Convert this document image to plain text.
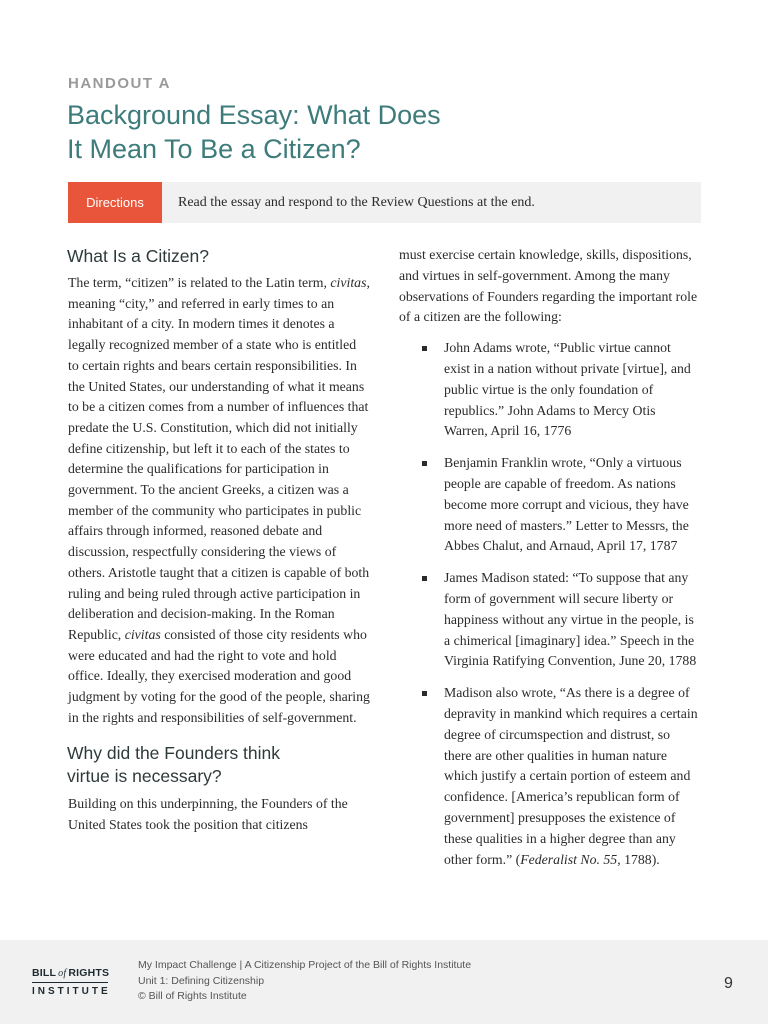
HANDOUT A
Background Essay: What Does
It Mean To Be a Citizen?
Directions	Read the essay and respond to the Review Questions at the end.
What Is a Citizen?

The term, “citizen” is related to the Latin term, civitas, meaning “city,” and referred in early times to an inhabitant of a city. In modern times it denotes a legally recognized member of a state who is entitled to certain rights and bears certain responsibilities. In the United States, our understanding of what it means to be a citizen comes from a number of influences that predate the U.S. Constitution, which did not initially define citizenship, but left it to each of the states to determine the qualifications for participation in government. To the ancient Greeks, a citizen was a member of the community who participates in public affairs through informed, reasoned debate and discussion, respectfully considering the views of others. Aristotle taught that a citizen is capable of both ruling and being ruled through active participation in deliberation and decision-making. In the Roman Republic, civitas consisted of those city residents who were educated and had the right to vote and hold office. Ideally, they exercised moderation and good judgment by voting for the good of the people, sharing in the rights and responsibilities of self-government.

Why did the Founders think
virtue is necessary?

Building on this underpinning, the Founders of the United States took the position that citizens

must exercise certain knowledge, skills, dispositions, and virtues in self-government. Among the many observations of Founders regarding the important role of a citizen are the following:

John Adams wrote, “Public virtue cannot exist in a nation without private [virtue], and public virtue is the only foundation of republics.” John Adams to Mercy Otis Warren, April 16, 1776
Benjamin Franklin wrote, “Only a virtuous people are capable of freedom. As nations become more corrupt and vicious, they have more need of masters.” Letter to Messrs, the Abbes Chalut, and Arnaud, April 17, 1787
James Madison stated: “To suppose that any form of government will secure liberty or happiness without any virtue in the people, is a chimerical [imaginary] idea.” Speech in the Virginia Ratifying Convention, June 20, 1788
Madison also wrote, “As there is a degree of depravity in mankind which requires a certain degree of circumspection and distrust, so there are other qualities in human nature which justify a certain portion of esteem and confidence. [America’s republican form of government] presupposes the existence of these qualities in a higher degree than any other form.” (Federalist No. 55, 1788).
BILL of RIGHTS
INSTITUTE
My Impact Challenge | A Citizenship Project of the Bill of Rights Institute
Unit 1: Defining Citizenship
© Bill of Rights Institute
9
